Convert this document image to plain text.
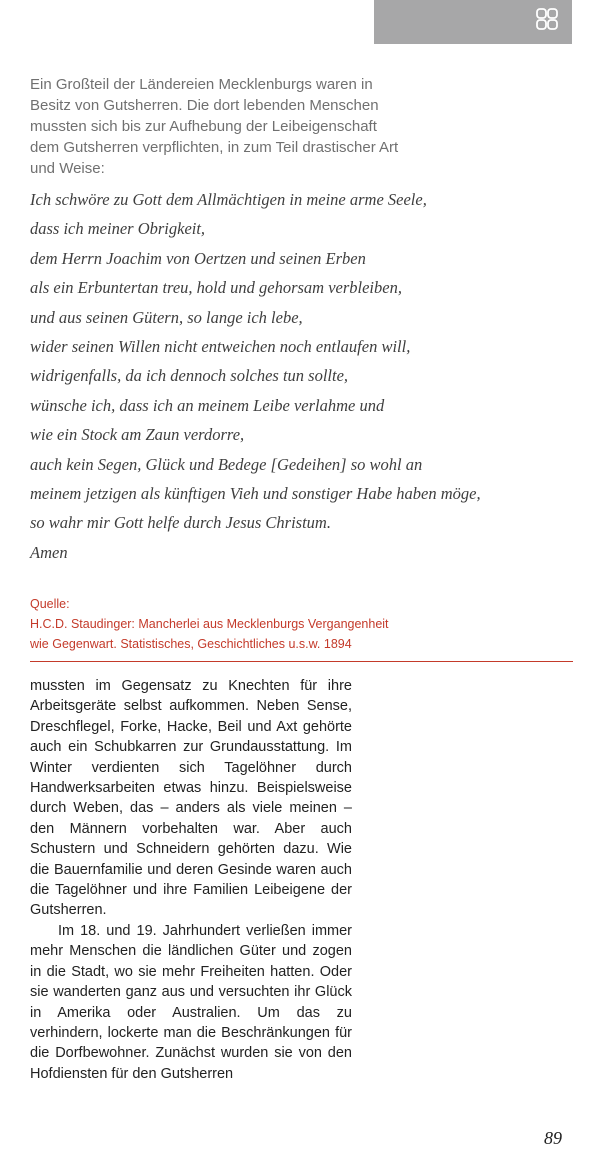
Ein Großteil der Ländereien Mecklenburgs waren in Besitz von Gutsherren. Die dort lebenden Menschen mussten sich bis zur Aufhebung der Leibeigenschaft dem Gutsherren verpflichten, in zum Teil drastischer Art und Weise:

Ich schwöre zu Gott dem Allmächtigen in meine arme Seele,
dass ich meiner Obrigkeit,
dem Herrn Joachim von Oertzen und seinen Erben
als ein Erbuntertan treu, hold und gehorsam verbleiben,
und aus seinen Gütern, so lange ich lebe,
wider seinen Willen nicht entweichen noch entlaufen will,
widrigenfalls, da ich dennoch solches tun sollte,
wünsche ich, dass ich an meinem Leibe verlahme und
wie ein Stock am Zaun verdorre,
auch kein Segen, Glück und Bedege [Gedeihen] so wohl an
meinem jetzigen als künftigen Vieh und sonstiger Habe haben möge,
so wahr mir Gott helfe durch Jesus Christum.
Amen
Quelle:
H.C.D. Staudinger: Mancherlei aus Mecklenburgs Vergangenheit
wie Gegenwart. Statistisches, Geschichtliches u.s.w. 1894

mussten im Gegensatz zu Knechten für ihre Arbeitsgeräte selbst aufkommen. Neben Sense, Dreschflegel, Forke, Hacke, Beil und Axt gehörte auch ein Schubkarren zur Grundausstattung. Im Winter verdienten sich Tagelöhner durch Handwerksarbeiten etwas hinzu. Beispielsweise durch Weben, das – anders als viele meinen – den Männern vorbehalten war. Aber auch Schustern und Schneidern gehörten dazu. Wie die Bauernfamilie und deren Gesinde waren auch die Tagelöhner und ihre Familien Leibeigene der Gutsherren.

Im 18. und 19. Jahrhundert verließen immer mehr Menschen die ländlichen Güter und zogen in die Stadt, wo sie mehr Freiheiten hatten. Oder sie wanderten ganz aus und versuchten ihr Glück in Amerika oder Australien. Um das zu verhindern, lockerte man die Beschränkungen für die Dorfbewohner. Zunächst wurden sie von den Hofdiensten für den Gutsherren

89
